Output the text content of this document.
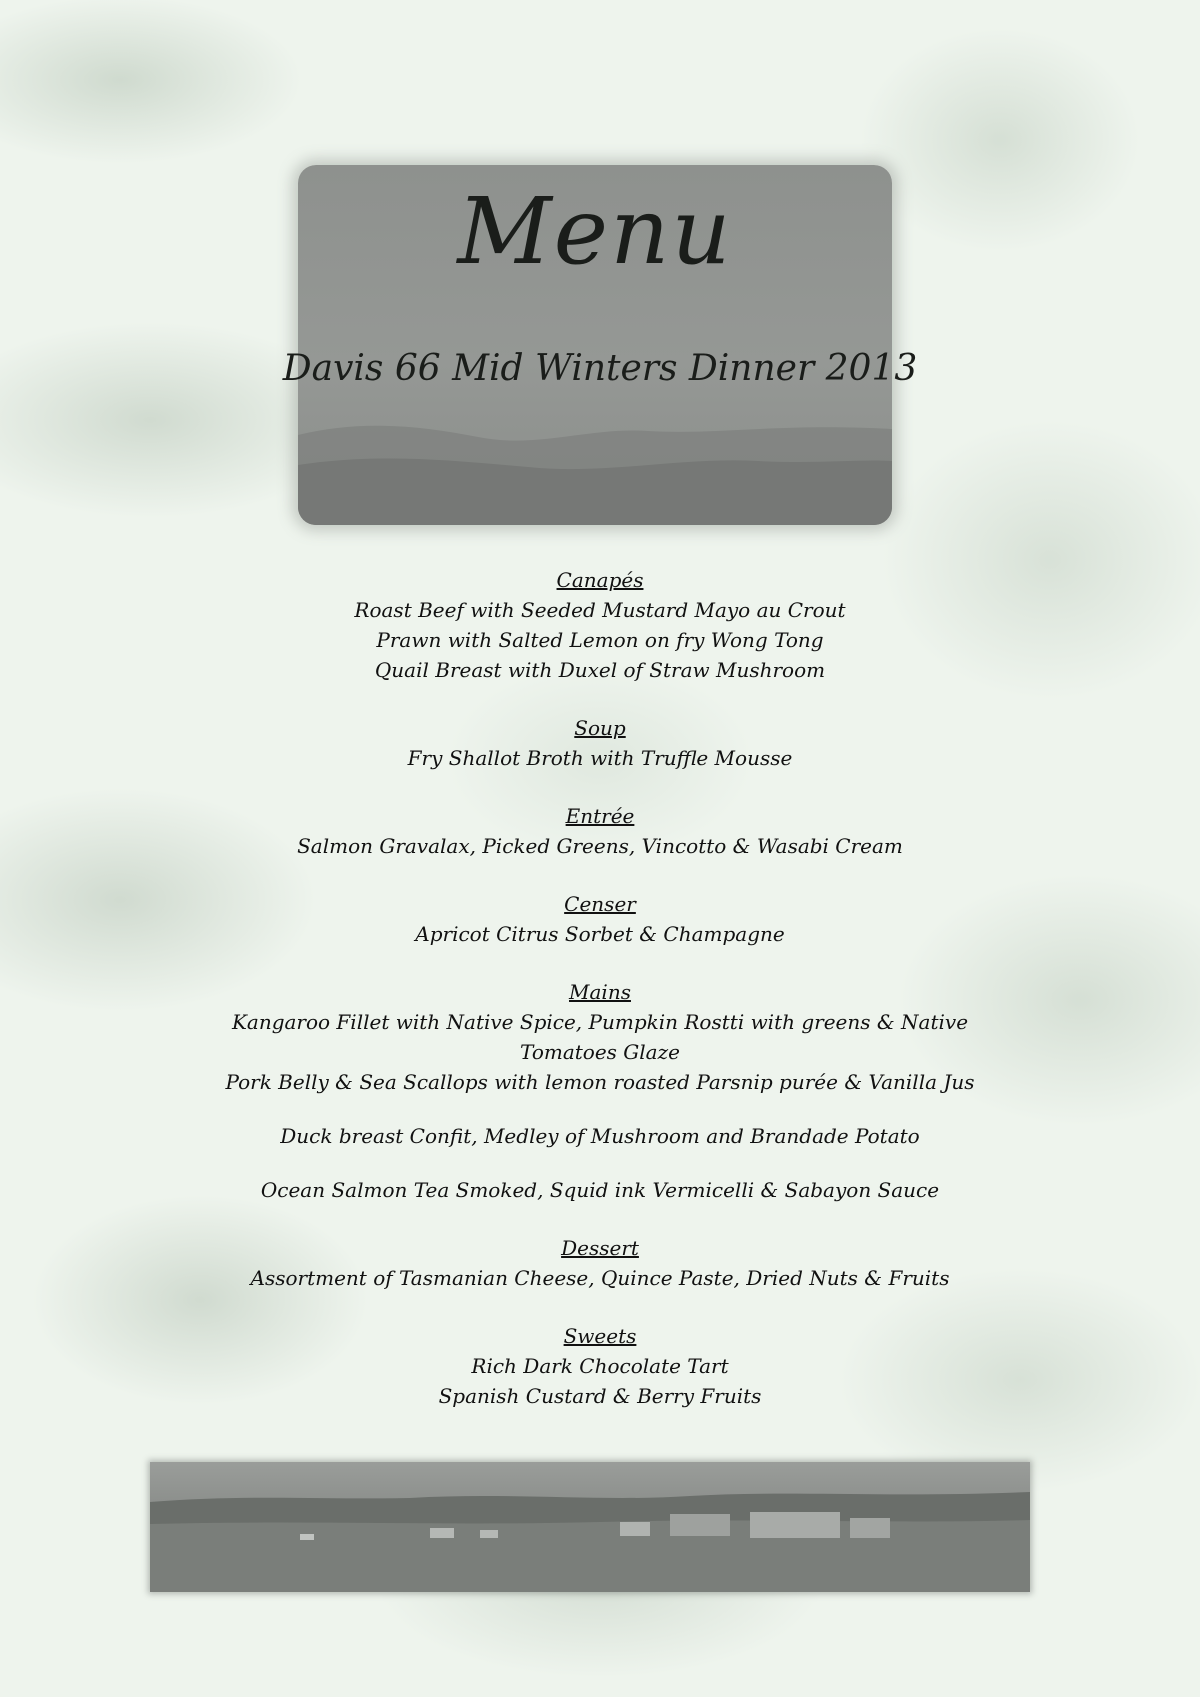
Menu
Davis 66 Mid Winters Dinner 2013
Canapés
Roast Beef with Seeded Mustard Mayo au Crout
Prawn with Salted Lemon on fry Wong Tong
Quail Breast with Duxel of Straw Mushroom
Soup
Fry Shallot Broth with Truffle Mousse
Entrée
Salmon Gravalax, Picked Greens, Vincotto & Wasabi Cream
Censer
Apricot Citrus Sorbet & Champagne
Mains
Kangaroo Fillet with Native Spice, Pumpkin Rostti with greens & Native
Tomatoes Glaze
Pork Belly & Sea Scallops with lemon roasted Parsnip purée & Vanilla Jus
Duck breast Confit, Medley of Mushroom and Brandade Potato
Ocean Salmon Tea Smoked, Squid ink Vermicelli & Sabayon Sauce
Dessert
Assortment of Tasmanian Cheese, Quince Paste, Dried Nuts & Fruits
Sweets
Rich Dark Chocolate Tart
Spanish Custard & Berry Fruits
